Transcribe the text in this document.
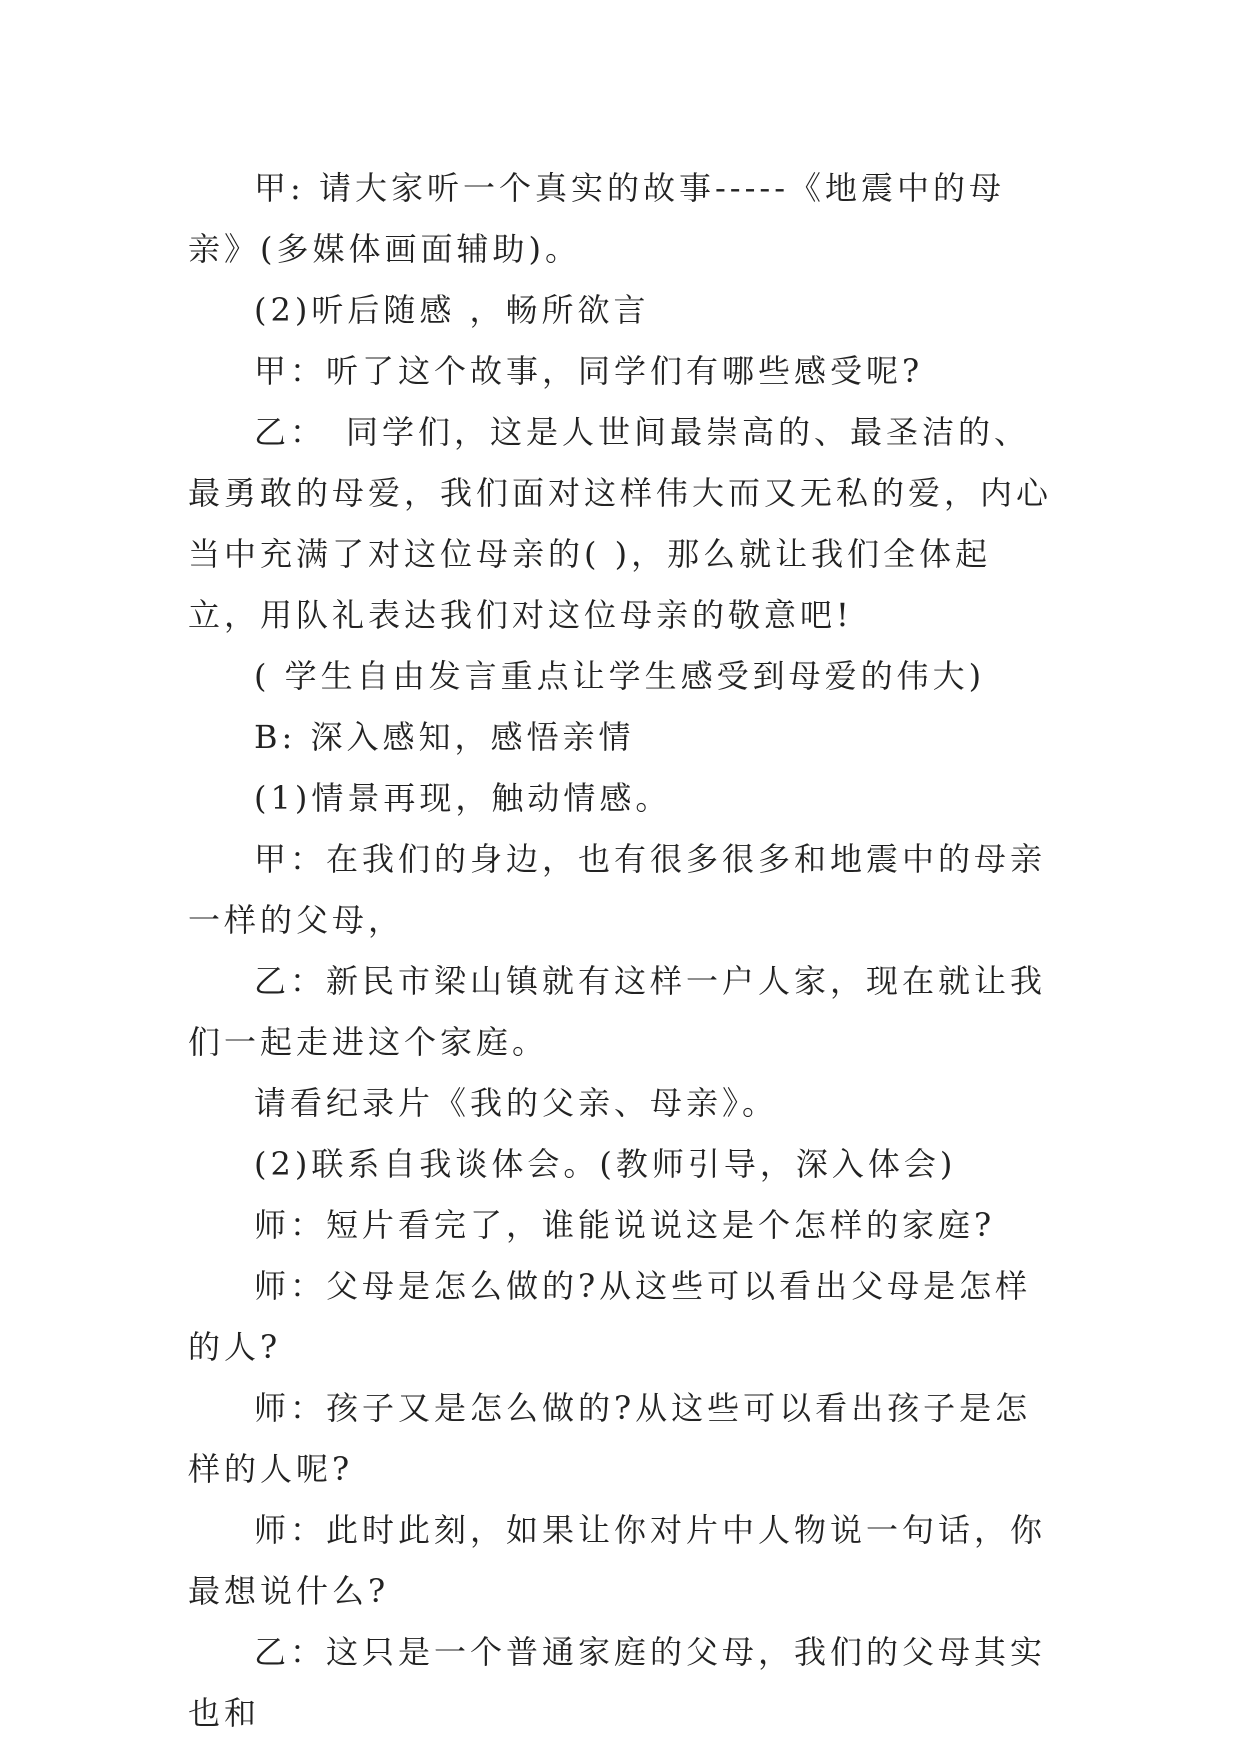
甲: 请大家听一个真实的故事-----《地震中的母亲》(多媒体画面辅助)。

(2)听后随感 ，畅所欲言

甲：听了这个故事，同学们有哪些感受呢?

乙：　同学们，这是人世间最崇高的、最圣洁的、最勇敢的母爱，我们面对这样伟大而又无私的爱，内心当中充满了对这位母亲的( )，那么就让我们全体起立，用队礼表达我们对这位母亲的敬意吧!

( 学生自由发言重点让学生感受到母爱的伟大)

B: 深入感知，感悟亲情

(1)情景再现，触动情感。

甲：在我们的身边，也有很多很多和地震中的母亲一样的父母，

乙：新民市梁山镇就有这样一户人家，现在就让我们一起走进这个家庭。

请看纪录片《我的父亲、母亲》。

(2)联系自我谈体会。(教师引导，深入体会)

师：短片看完了，谁能说说这是个怎样的家庭?

师：父母是怎么做的?从这些可以看出父母是怎样的人?

师：孩子又是怎么做的?从这些可以看出孩子是怎样的人呢?

师：此时此刻，如果让你对片中人物说一句话，你最想说什么?

乙：这只是一个普通家庭的父母，我们的父母其实也和
